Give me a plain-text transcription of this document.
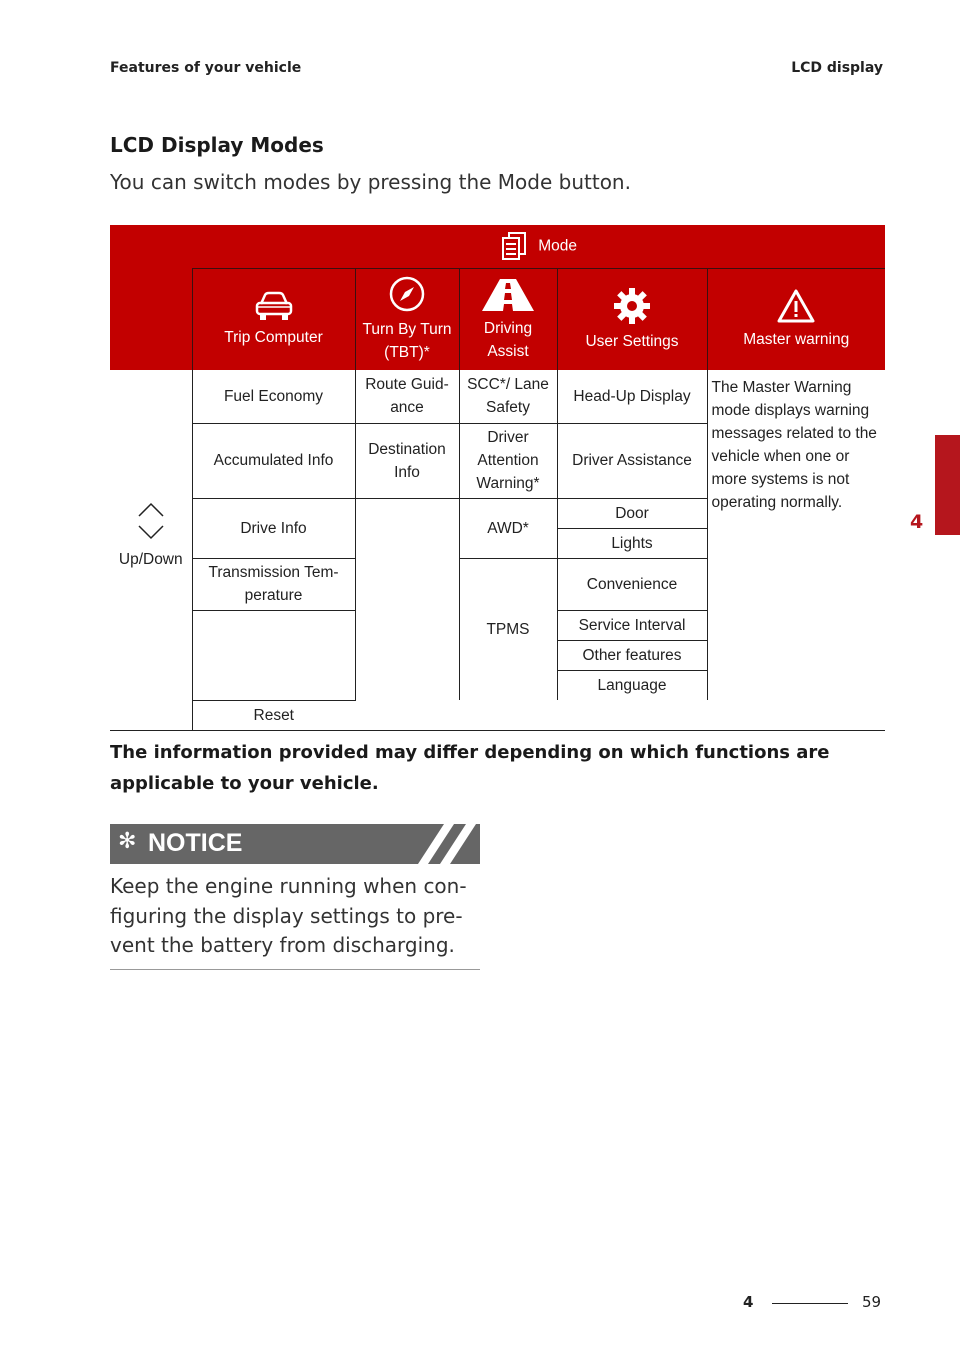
Features of your vehicle	LCD display
LCD Display Modes
You can switch modes by pressing the Mode button.
4
	Mode				

Trip Computer	Turn By Turn (TBT)*	Driving Assist	User Settings	Master warning

Up/Down	Fuel Economy	Route Guid-ance	SCC*/ Lane Safety	Head-Up Display	The Master Warning mode displays warning messages related to the vehicle when one or more systems is not operating normally.
	Accumulated Info	Destination Info	Driver Attention Warning*	Driver Assistance	
	Drive Info		AWD*	Door	
				Lights	
	Transmission Tem-perature		TPMS	Convenience	

				Service Interval	
				Other features	
				Language	
	Reset				
The information provided may differ depending on which functions are applicable to your vehicle.
✻ NOTICE
Keep the engine running when con-figuring the display settings to pre-vent the battery from discharging.
4	59
